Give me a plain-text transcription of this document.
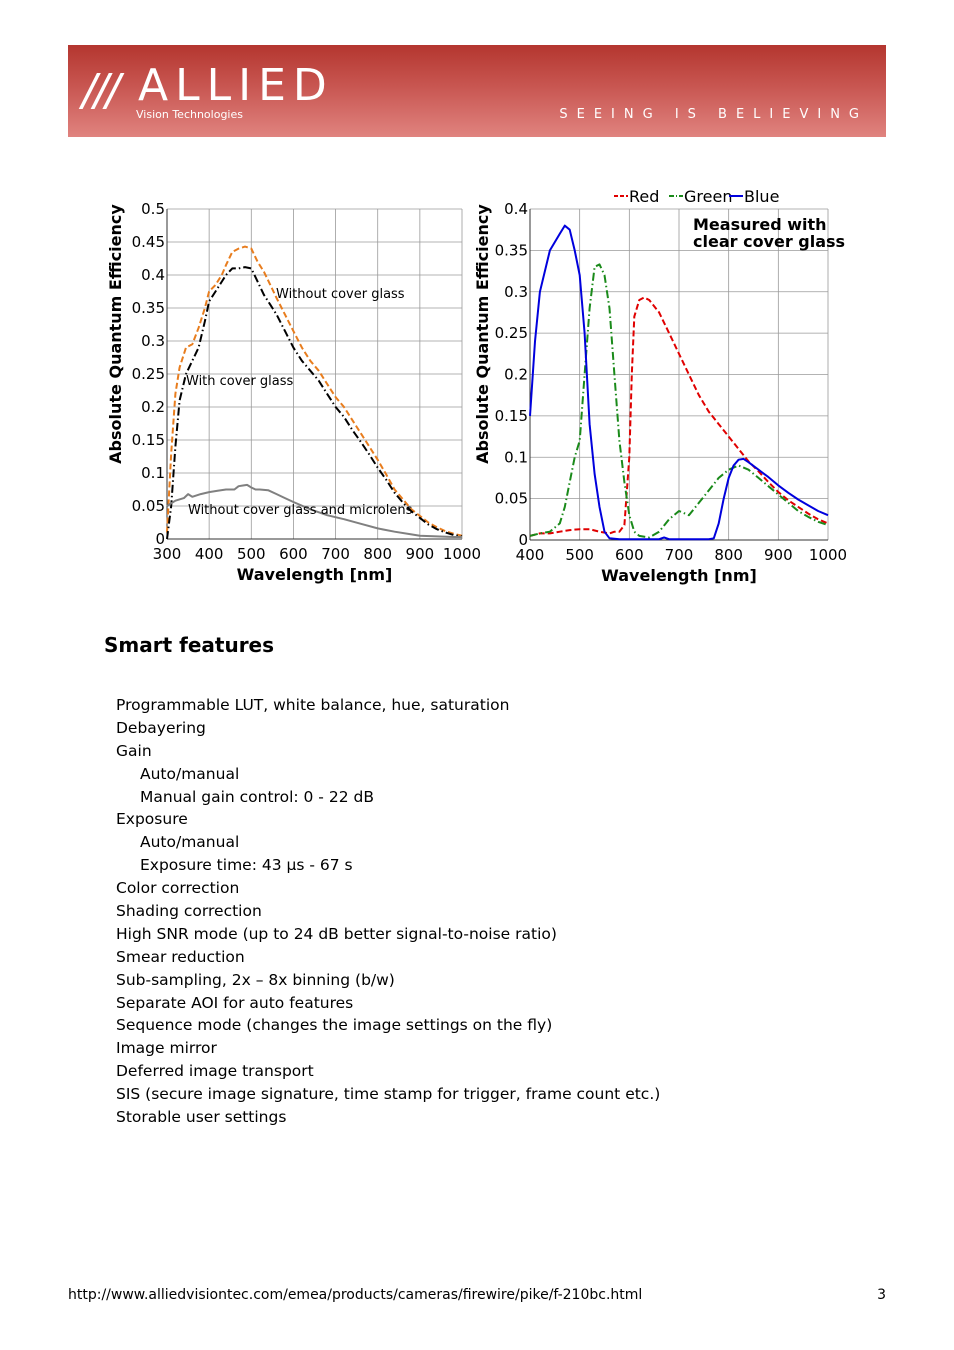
/// ALLIED
Vision Technologies	SEEING IS BELIEVING
300 400 500 600 700 800 900 1000
0
0.05
0.1
0.15
0.2
0.25
0.3
0.35
0.4
0.45
0.5
Wavelength [nm]
Absolute Quantum Efficiency
400 500 600 700 800 900 1000
0
0.05
0.1
0.15
0.2
0.25
0.3
0.35
0.4
Wavelength [nm]
Absolute Quantum Efficiency
Without cover glass
With cover glass
Without cover glass and microlens
Measured with
clear cover glass
Red Green Blue
Smart features
Programmable LUT, white balance, hue, saturation
Debayering
Gain
Auto/manual
Manual gain control: 0 - 22 dB
Exposure
Auto/manual
Exposure time: 43 µs - 67 s
Color correction
Shading correction
High SNR mode (up to 24 dB better signal-to-noise ratio)
Smear reduction
Sub-sampling, 2x – 8x binning (b/w)
Separate AOI for auto features
Sequence mode (changes the image settings on the fly)
Image mirror
Deferred image transport
SIS (secure image signature, time stamp for trigger, frame count etc.)
Storable user settings
http://www.alliedvisiontec.com/emea/products/cameras/firewire/pike/f-210bc.html	3
